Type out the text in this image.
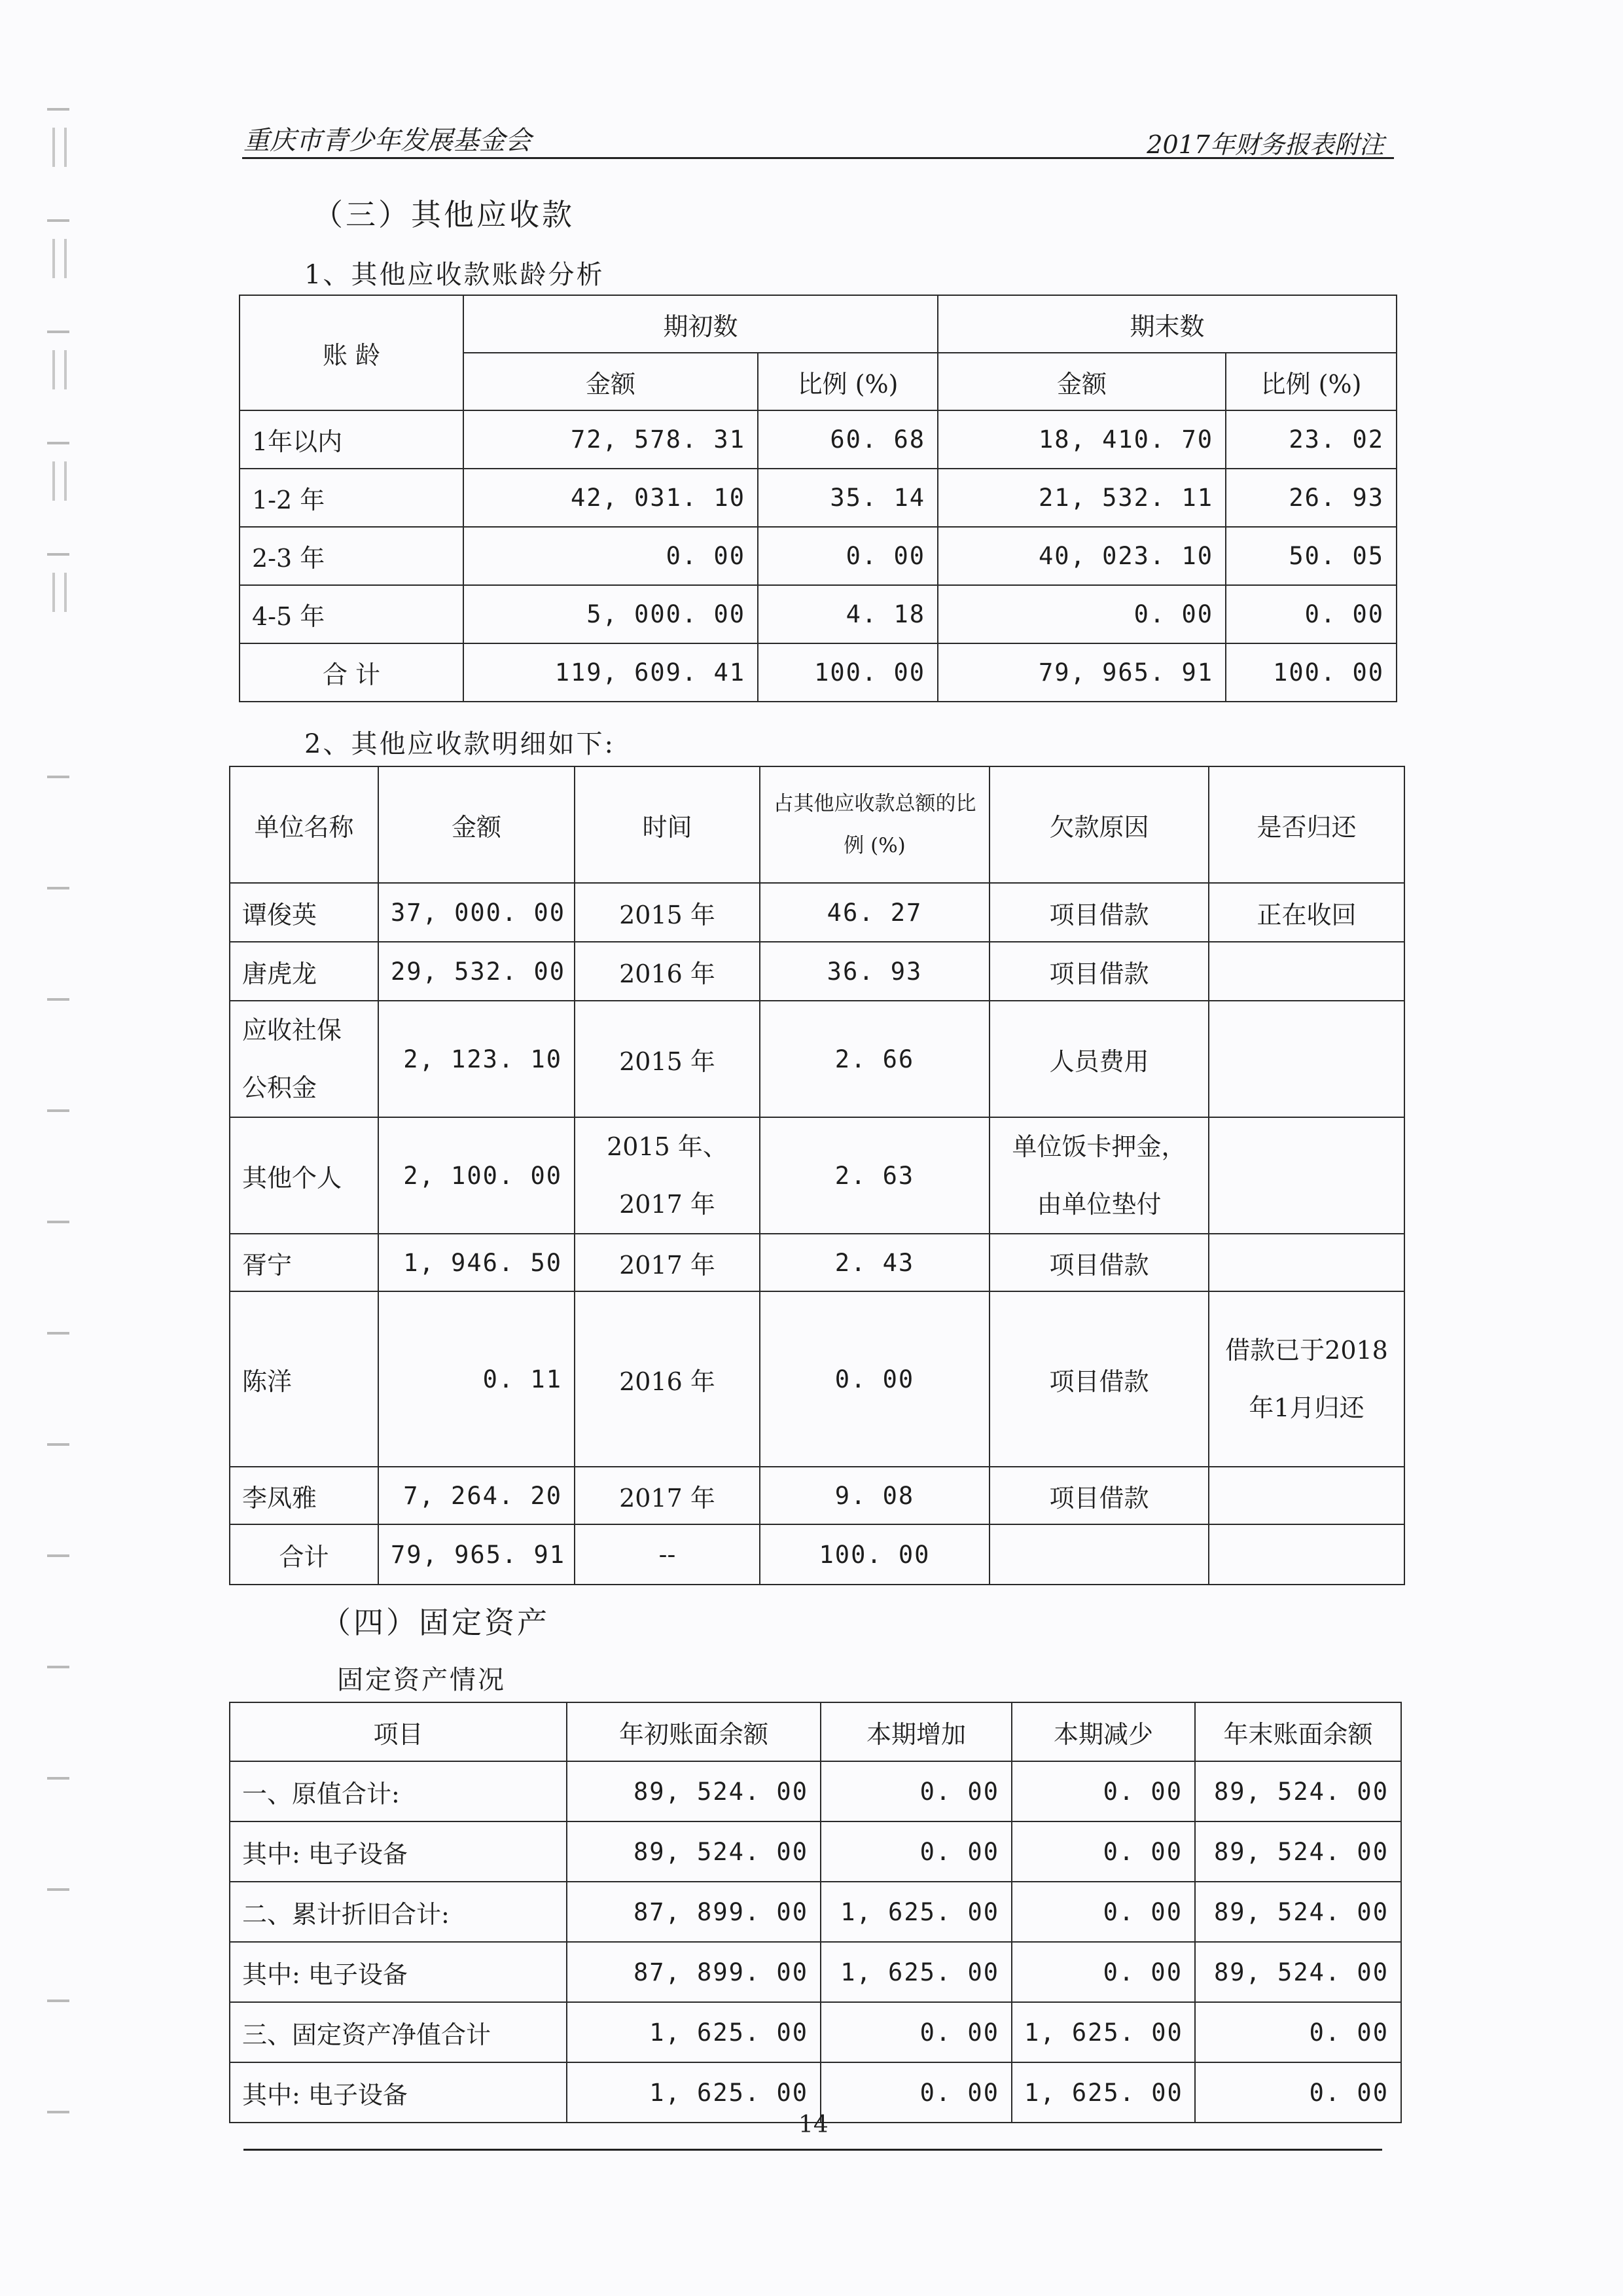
重庆市青少年发展基金会	2017年财务报表附注
（三）其他应收款
1、其他应收款账龄分析
账 龄	期初数		期末数	
	金额	比例 (%)	金额	比例 (%)
1年以内	72, 578. 31	60. 68	18, 410. 70	23. 02
1-2 年	42, 031. 10	35. 14	21, 532. 11	26. 93
2-3 年	0. 00	0. 00	40, 023. 10	50. 05
4-5 年	5, 000. 00	4. 18	0. 00	0. 00
合 计	119, 609. 41	100. 00	79, 965. 91	100. 00
2、其他应收款明细如下:
单位名称	金额	时间	占其他应收款总额的比例 (%)	欠款原因	是否归还
谭俊英	37, 000. 00	2015 年	46. 27	项目借款	正在收回
唐虎龙	29, 532. 00	2016 年	36. 93	项目借款	
应收社保公积金	2, 123. 10	2015 年	2. 66	人员费用	
其他个人	2, 100. 00	2015 年、2017 年	2. 63	单位饭卡押金，由单位垫付	
胥宁	1, 946. 50	2017 年	2. 43	项目借款	
陈洋	0. 11	2016 年	0. 00	项目借款	借款已于2018年1月归还
李凤雅	7, 264. 20	2017 年	9. 08	项目借款	
合计	79, 965. 91	--	100. 00		
（四）固定资产
固定资产情况
项目	年初账面余额	本期增加	本期减少	年末账面余额
一、原值合计:	89, 524. 00	0. 00	0. 00	89, 524. 00
其中: 电子设备	89, 524. 00	0. 00	0. 00	89, 524. 00
二、累计折旧合计:	87, 899. 00	1, 625. 00	0. 00	89, 524. 00
其中: 电子设备	87, 899. 00	1, 625. 00	0. 00	89, 524. 00
三、固定资产净值合计	1, 625. 00	0. 00	1, 625. 00	0. 00
其中: 电子设备	1, 625. 00	0. 00	1, 625. 00	0. 00
14
